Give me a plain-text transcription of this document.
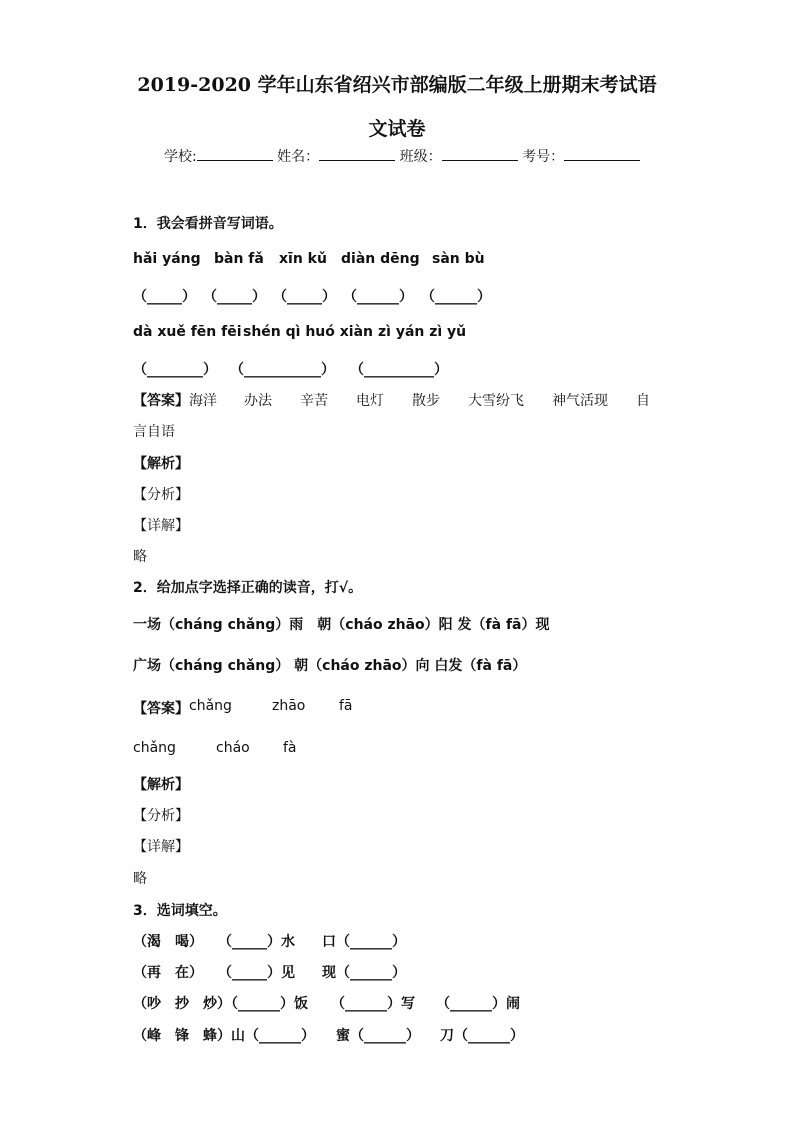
2019-2020 学年山东省绍兴市部编版二年级上册期末考试语
文试卷
学校:	姓名：	班级：	考号：
1．我会看拼音写词语。
hǎi yáng bàn fǎ xīn kǔ diàn dēng sàn bù
（_____） （_____） （_____） （______） （______）
dà xuě fēn fēi shén qì huó xiàn zì yán zì yǔ
（________） （___________） （__________）
【答案】 海洋 办法 辛苦 电灯 散步 大雪纷飞 神气活现 自
言自语
【解析】
【分析】
【详解】
略
2．给加点字选择正确的读音，打√。
一场（cháng chǎng）雨　朝（cháo zhāo）阳 发（fà fā）现
广场（cháng chǎng） 朝（cháo zhāo）向 白发（fà fā）
【答案】 chǎng	zhāo fā
chǎng	cháo fà
【解析】
【分析】
【详解】
略
3．选词填空。
（渴　喝） （_____）水 口（______）
（再　在） （_____）见 现（______）
（吵　抄　炒）（______）饭 （______）写 （______）闹
（峰　锋　蜂）山（______） 蜜（______） 刀（______）
